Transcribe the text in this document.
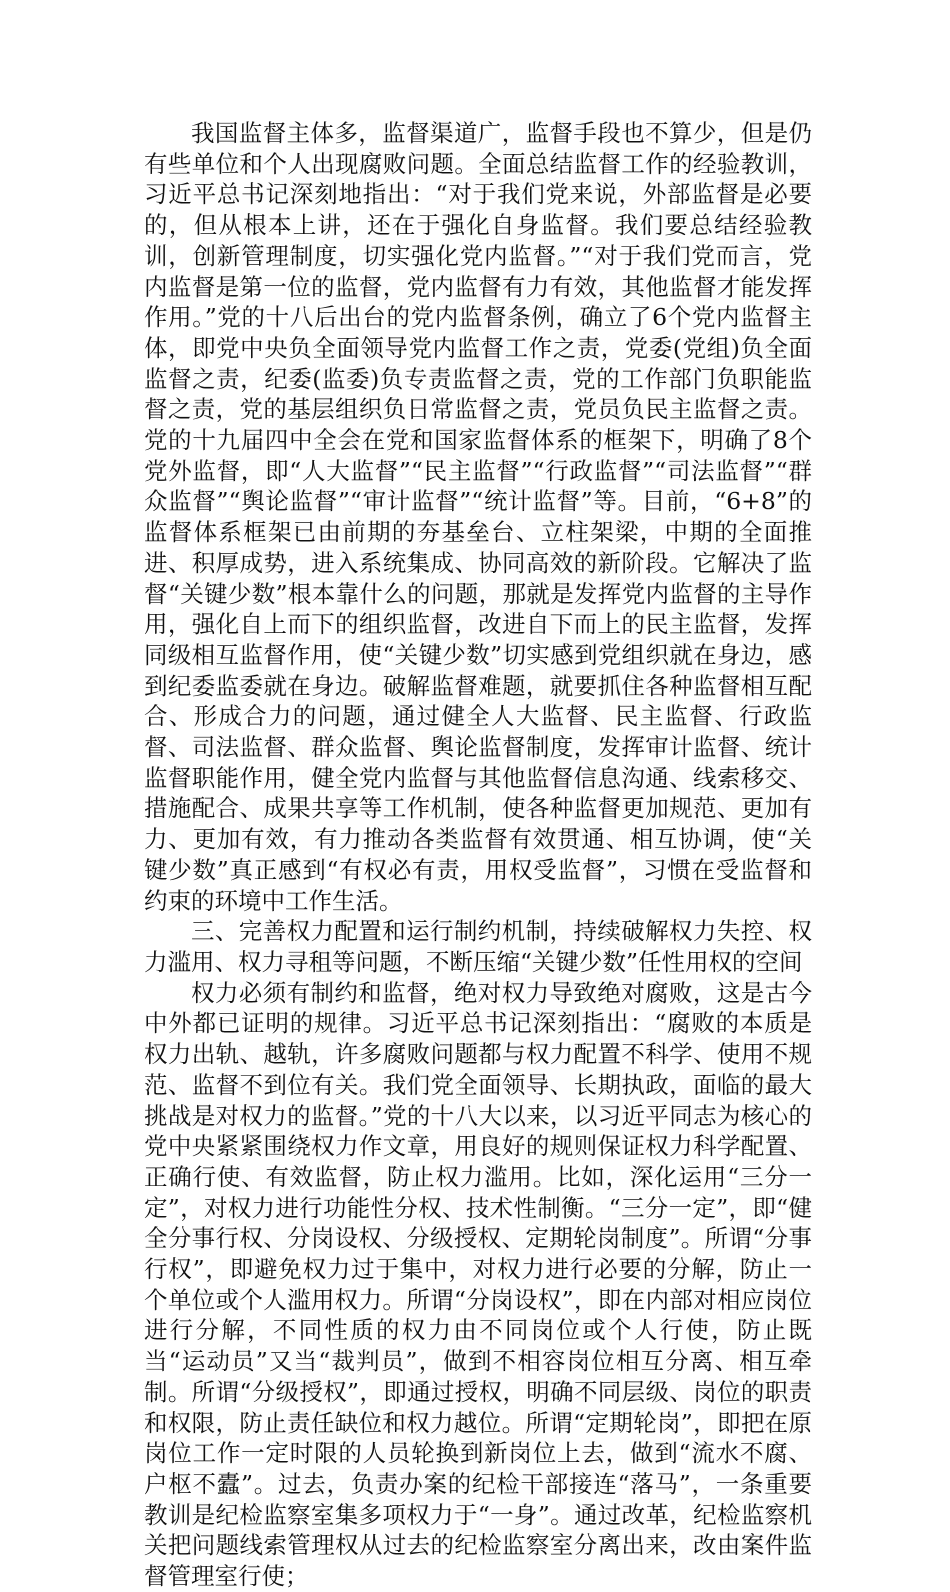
我国监督主体多，监督渠道广，监督手段也不算少，但是仍有些单位和个人出现腐败问题。全面总结监督工作的经验教训，习近平总书记深刻地指出：“对于我们党来说，外部监督是必要的，但从根本上讲，还在于强化自身监督。我们要总结经验教训，创新管理制度，切实强化党内监督。”“对于我们党而言，党内监督是第一位的监督，党内监督有力有效，其他监督才能发挥作用。”党的十八后出台的党内监督条例，确立了6个党内监督主体，即党中央负全面领导党内监督工作之责，党委(党组)负全面监督之责，纪委(监委)负专责监督之责，党的工作部门负职能监督之责，党的基层组织负日常监督之责，党员负民主监督之责。党的十九届四中全会在党和国家监督体系的框架下，明确了8个党外监督，即“人大监督”“民主监督”“行政监督”“司法监督”“群众监督”“舆论监督”“审计监督”“统计监督”等。目前，“6+8”的监督体系框架已由前期的夯基垒台、立柱架梁，中期的全面推进、积厚成势，进入系统集成、协同高效的新阶段。它解决了监督“关键少数”根本靠什么的问题，那就是发挥党内监督的主导作用，强化自上而下的组织监督，改进自下而上的民主监督，发挥同级相互监督作用，使“关键少数”切实感到党组织就在身边，感到纪委监委就在身边。破解监督难题，就要抓住各种监督相互配合、形成合力的问题，通过健全人大监督、民主监督、行政监督、司法监督、群众监督、舆论监督制度，发挥审计监督、统计监督职能作用，健全党内监督与其他监督信息沟通、线索移交、措施配合、成果共享等工作机制，使各种监督更加规范、更加有力、更加有效，有力推动各类监督有效贯通、相互协调，使“关键少数”真正感到“有权必有责，用权受监督”，习惯在受监督和约束的环境中工作生活。

三、完善权力配置和运行制约机制，持续破解权力失控、权力滥用、权力寻租等问题，不断压缩“关键少数”任性用权的空间

权力必须有制约和监督，绝对权力导致绝对腐败，这是古今中外都已证明的规律。习近平总书记深刻指出：“腐败的本质是权力出轨、越轨，许多腐败问题都与权力配置不科学、使用不规范、监督不到位有关。我们党全面领导、长期执政，面临的最大挑战是对权力的监督。”党的十八大以来，以习近平同志为核心的党中央紧紧围绕权力作文章，用良好的规则保证权力科学配置、正确行使、有效监督，防止权力滥用。比如，深化运用“三分一定”，对权力进行功能性分权、技术性制衡。“三分一定”，即“健全分事行权、分岗设权、分级授权、定期轮岗制度”。所谓“分事行权”，即避免权力过于集中，对权力进行必要的分解，防止一个单位或个人滥用权力。所谓“分岗设权”，即在内部对相应岗位进行分解，不同性质的权力由不同岗位或个人行使，防止既当“运动员”又当“裁判员”，做到不相容岗位相互分离、相互牵制。所谓“分级授权”，即通过授权，明确不同层级、岗位的职责和权限，防止责任缺位和权力越位。所谓“定期轮岗”，即把在原岗位工作一定时限的人员轮换到新岗位上去，做到“流水不腐、户枢不蠹”。过去，负责办案的纪检干部接连“落马”，一条重要教训是纪检监察室集多项权力于“一身”。通过改革，纪检监察机关把问题线索管理权从过去的纪检监察室分离出来，改由案件监督管理室行使；
